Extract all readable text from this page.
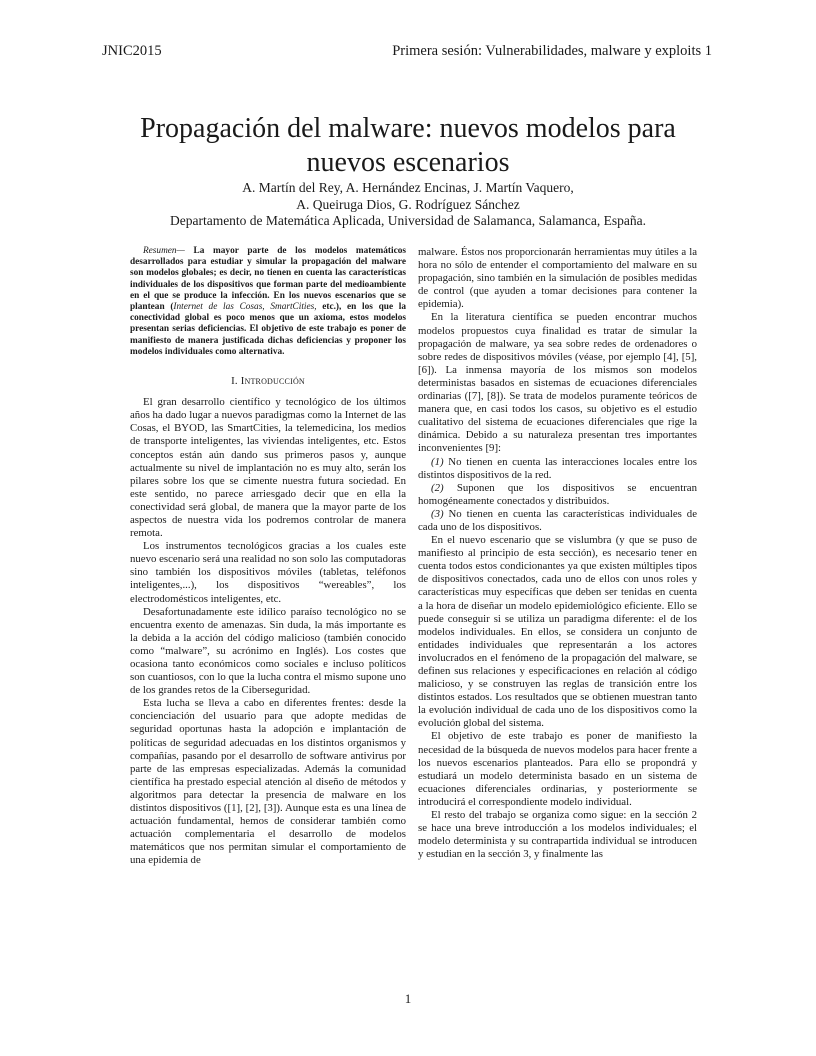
JNIC2015	Primera sesión: Vulnerabilidades, malware y exploits 1
Propagación del malware: nuevos modelos para
nuevos escenarios
A. Martín del Rey, A. Hernández Encinas, J. Martín Vaquero,
A. Queiruga Dios, G. Rodríguez Sánchez
Departamento de Matemática Aplicada, Universidad de Salamanca, Salamanca, España.

Resumen— La mayor parte de los modelos matemáticos desarrollados para estudiar y simular la propagación del malware son modelos globales; es decir, no tienen en cuenta las características individuales de los dispositivos que forman parte del medioambiente en el que se produce la infección. En los nuevos escenarios que se plantean (Internet de las Cosas, SmartCities, etc.), en los que la conectividad global es poco menos que un axioma, estos modelos presentan serias deficiencias. El objetivo de este trabajo es poner de manifiesto de manera justificada dichas deficiencias y proponer los modelos individuales como alternativa.

I. Introducción

El gran desarrollo científico y tecnológico de los últimos años ha dado lugar a nuevos paradigmas como la Internet de las Cosas, el BYOD, las SmartCities, la telemedicina, los medios de transporte inteligentes, las viviendas inteligentes, etc. Estos conceptos están aún dando sus primeros pasos y, aunque actualmente su nivel de implantación no es muy alto, serán los pilares sobre los que se cimente nuestra futura sociedad. En este sentido, no parece arriesgado decir que en ella la conectividad será global, de manera que la mayor parte de los aspectos de nuestra vida los podremos controlar de manera remota.

Los instrumentos tecnológicos gracias a los cuales este nuevo escenario será una realidad no son solo las computadoras sino también los dispositivos móviles (tabletas, teléfonos inteligentes,...), los dispositivos “wereables”, los electrodomésticos inteligentes, etc.

Desafortunadamente este idílico paraíso tecnológico no se encuentra exento de amenazas. Sin duda, la más importante es la debida a la acción del código malicioso (también conocido como “malware”, su acrónimo en Inglés). Los costes que ocasiona tanto económicos como sociales e incluso políticos son cuantiosos, con lo que la lucha contra el mismo supone uno de los grandes retos de la Ciberseguridad.

Esta lucha se lleva a cabo en diferentes frentes: desde la concienciación del usuario para que adopte medidas de seguridad oportunas hasta la adopción e implantación de políticas de seguridad adecuadas en los distintos organismos y compañías, pasando por el desarrollo de software antivirus por parte de las empresas especializadas. Además la comunidad científica ha prestado especial atención al diseño de métodos y algoritmos para detectar la presencia de malware en los distintos dispositivos ([1], [2], [3]). Aunque esta es una línea de actuación fundamental, hemos de considerar también como actuación complementaria el desarrollo de modelos matemáticos que nos permitan simular el comportamiento de una epidemia de

malware. Éstos nos proporcionarán herramientas muy útiles a la hora no sólo de entender el comportamiento del malware en su propagación, sino también en la simulación de posibles medidas de control (que ayuden a tomar decisiones para contener la epidemia).

En la literatura científica se pueden encontrar muchos modelos propuestos cuya finalidad es tratar de simular la propagación de malware, ya sea sobre redes de ordenadores o sobre redes de dispositivos móviles (véase, por ejemplo [4], [5], [6]). La inmensa mayoría de los mismos son modelos deterministas basados en sistemas de ecuaciones diferenciales ordinarias ([7], [8]). Se trata de modelos puramente teóricos de manera que, en casi todos los casos, su objetivo es el estudio cualitativo del sistema de ecuaciones diferenciales que rige la dinámica. Debido a su naturaleza presentan tres importantes inconvenientes [9]:

(1) No tienen en cuenta las interacciones locales entre los distintos dispositivos de la red.

(2) Suponen que los dispositivos se encuentran homogéneamente conectados y distribuidos.

(3) No tienen en cuenta las características individuales de cada uno de los dispositivos.

En el nuevo escenario que se vislumbra (y que se puso de manifiesto al principio de esta sección), es necesario tener en cuenta todos estos condicionantes ya que existen múltiples tipos de dispositivos conectados, cada uno de ellos con unos roles y características muy específicas que deben ser tenidas en cuenta a la hora de diseñar un modelo epidemiológico eficiente. Ello se puede conseguir si se utiliza un paradigma diferente: el de los modelos individuales. En ellos, se considera un conjunto de entidades individuales que representarán a los actores involucrados en el fenómeno de la propagación del malware, se definen sus relaciones y especificaciones en relación al código malicioso, y se construyen las reglas de transición entre los distintos estados. Los resultados que se obtienen muestran tanto la evolución individual de cada uno de los dispositivos como la evolución global del sistema.

El objetivo de este trabajo es poner de manifiesto la necesidad de la búsqueda de nuevos modelos para hacer frente a los nuevos escenarios planteados. Para ello se propondrá y estudiará un modelo determinista basado en un sistema de ecuaciones diferenciales ordinarias, y posteriormente se introducirá el correspondiente modelo individual.

El resto del trabajo se organiza como sigue: en la sección 2 se hace una breve introducción a los modelos individuales; el modelo determinista y su contrapartida individual se introducen y estudian en la sección 3, y finalmente las

1
